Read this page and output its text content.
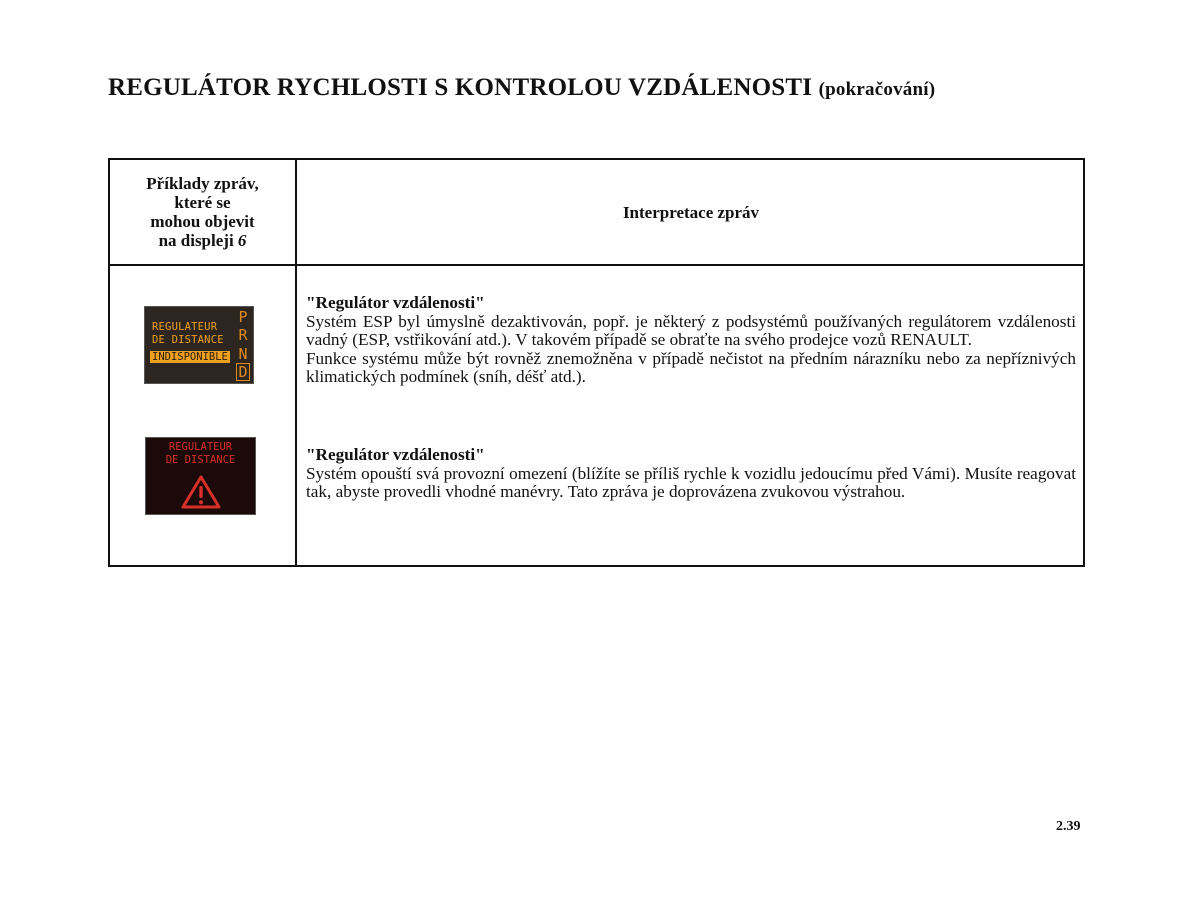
REGULÁTOR RYCHLOSTI S KONTROLOU VZDÁLENOSTI (pokračování)
Příklady zpráv,
které se
mohou objevit
na displeji 6
Interpretace zpráv
REGULATEUR
DE DISTANCE
INDISPONIBLE
P
R
N
D
REGULATEUR
DE DISTANCE
"Regulátor vzdálenosti"
Systém ESP byl úmyslně dezaktivován, popř. je některý z podsystémů používaných regulátorem vzdálenosti vadný (ESP, vstřikování atd.). V takovém případě se obraťte na svého prodejce vozů RENAULT.
Funkce systému může být rovněž znemožněna v případě nečistot na předním nárazníku nebo za nepříznivých klimatických podmínek (sníh, déšť atd.).
"Regulátor vzdálenosti"
Systém opouští svá provozní omezení (blížíte se příliš rychle k vozidlu jedoucímu před Vámi). Musíte reagovat tak, abyste provedli vhodné manévry. Tato zpráva je doprovázena zvukovou výstrahou.
2.39
